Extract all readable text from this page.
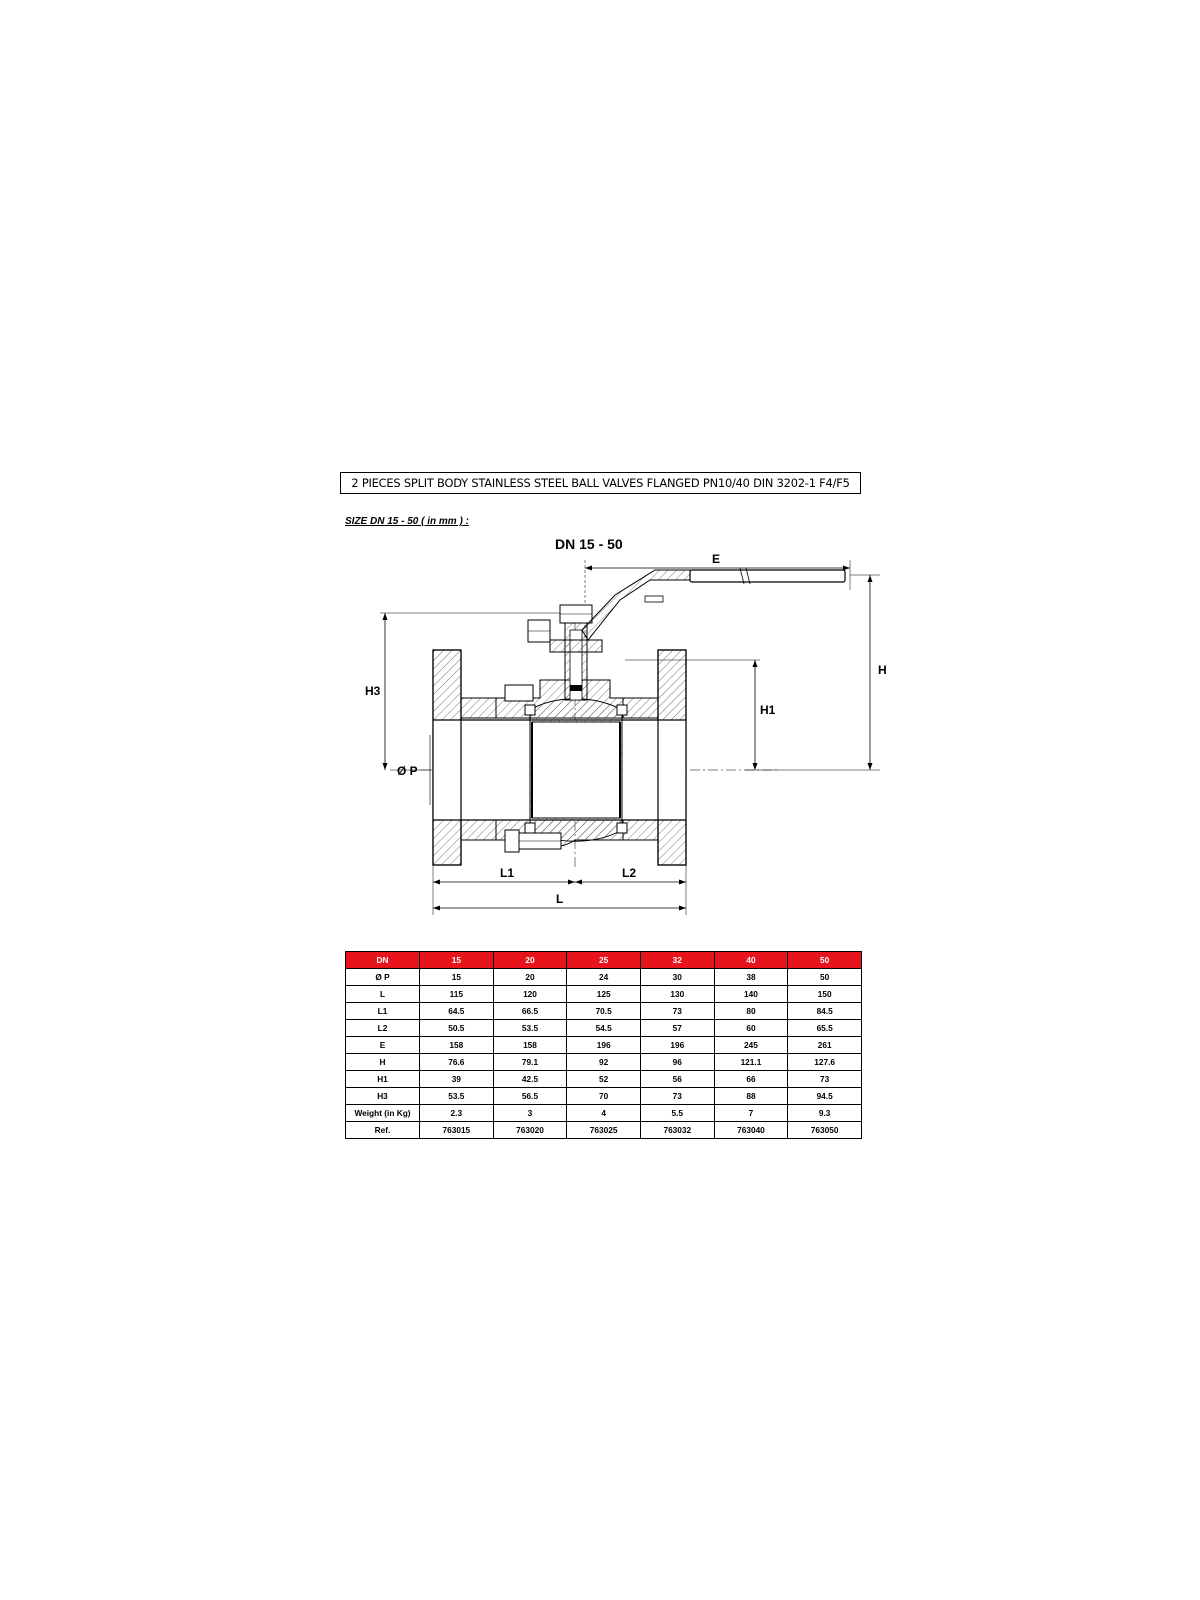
2 PIECES SPLIT BODY STAINLESS STEEL BALL VALVES FLANGED PN10/40 DIN 3202-1 F4/F5
SIZE DN 15 - 50 ( in mm ) :
DN 15 - 50
E
H
H1
H3
Ø P
L1	L2
L
DN	15	20	25	32	40	50
Ø P	15	20	24	30	38	50
L	115	120	125	130	140	150
L1	64.5	66.5	70.5	73	80	84.5
L2	50.5	53.5	54.5	57	60	65.5
E	158	158	196	196	245	261
H	76.6	79.1	92	96	121.1	127.6
H1	39	42.5	52	56	66	73
H3	53.5	56.5	70	73	88	94.5
Weight (in Kg)	2.3	3	4	5.5	7	9.3
Ref.	763015	763020	763025	763032	763040	763050
